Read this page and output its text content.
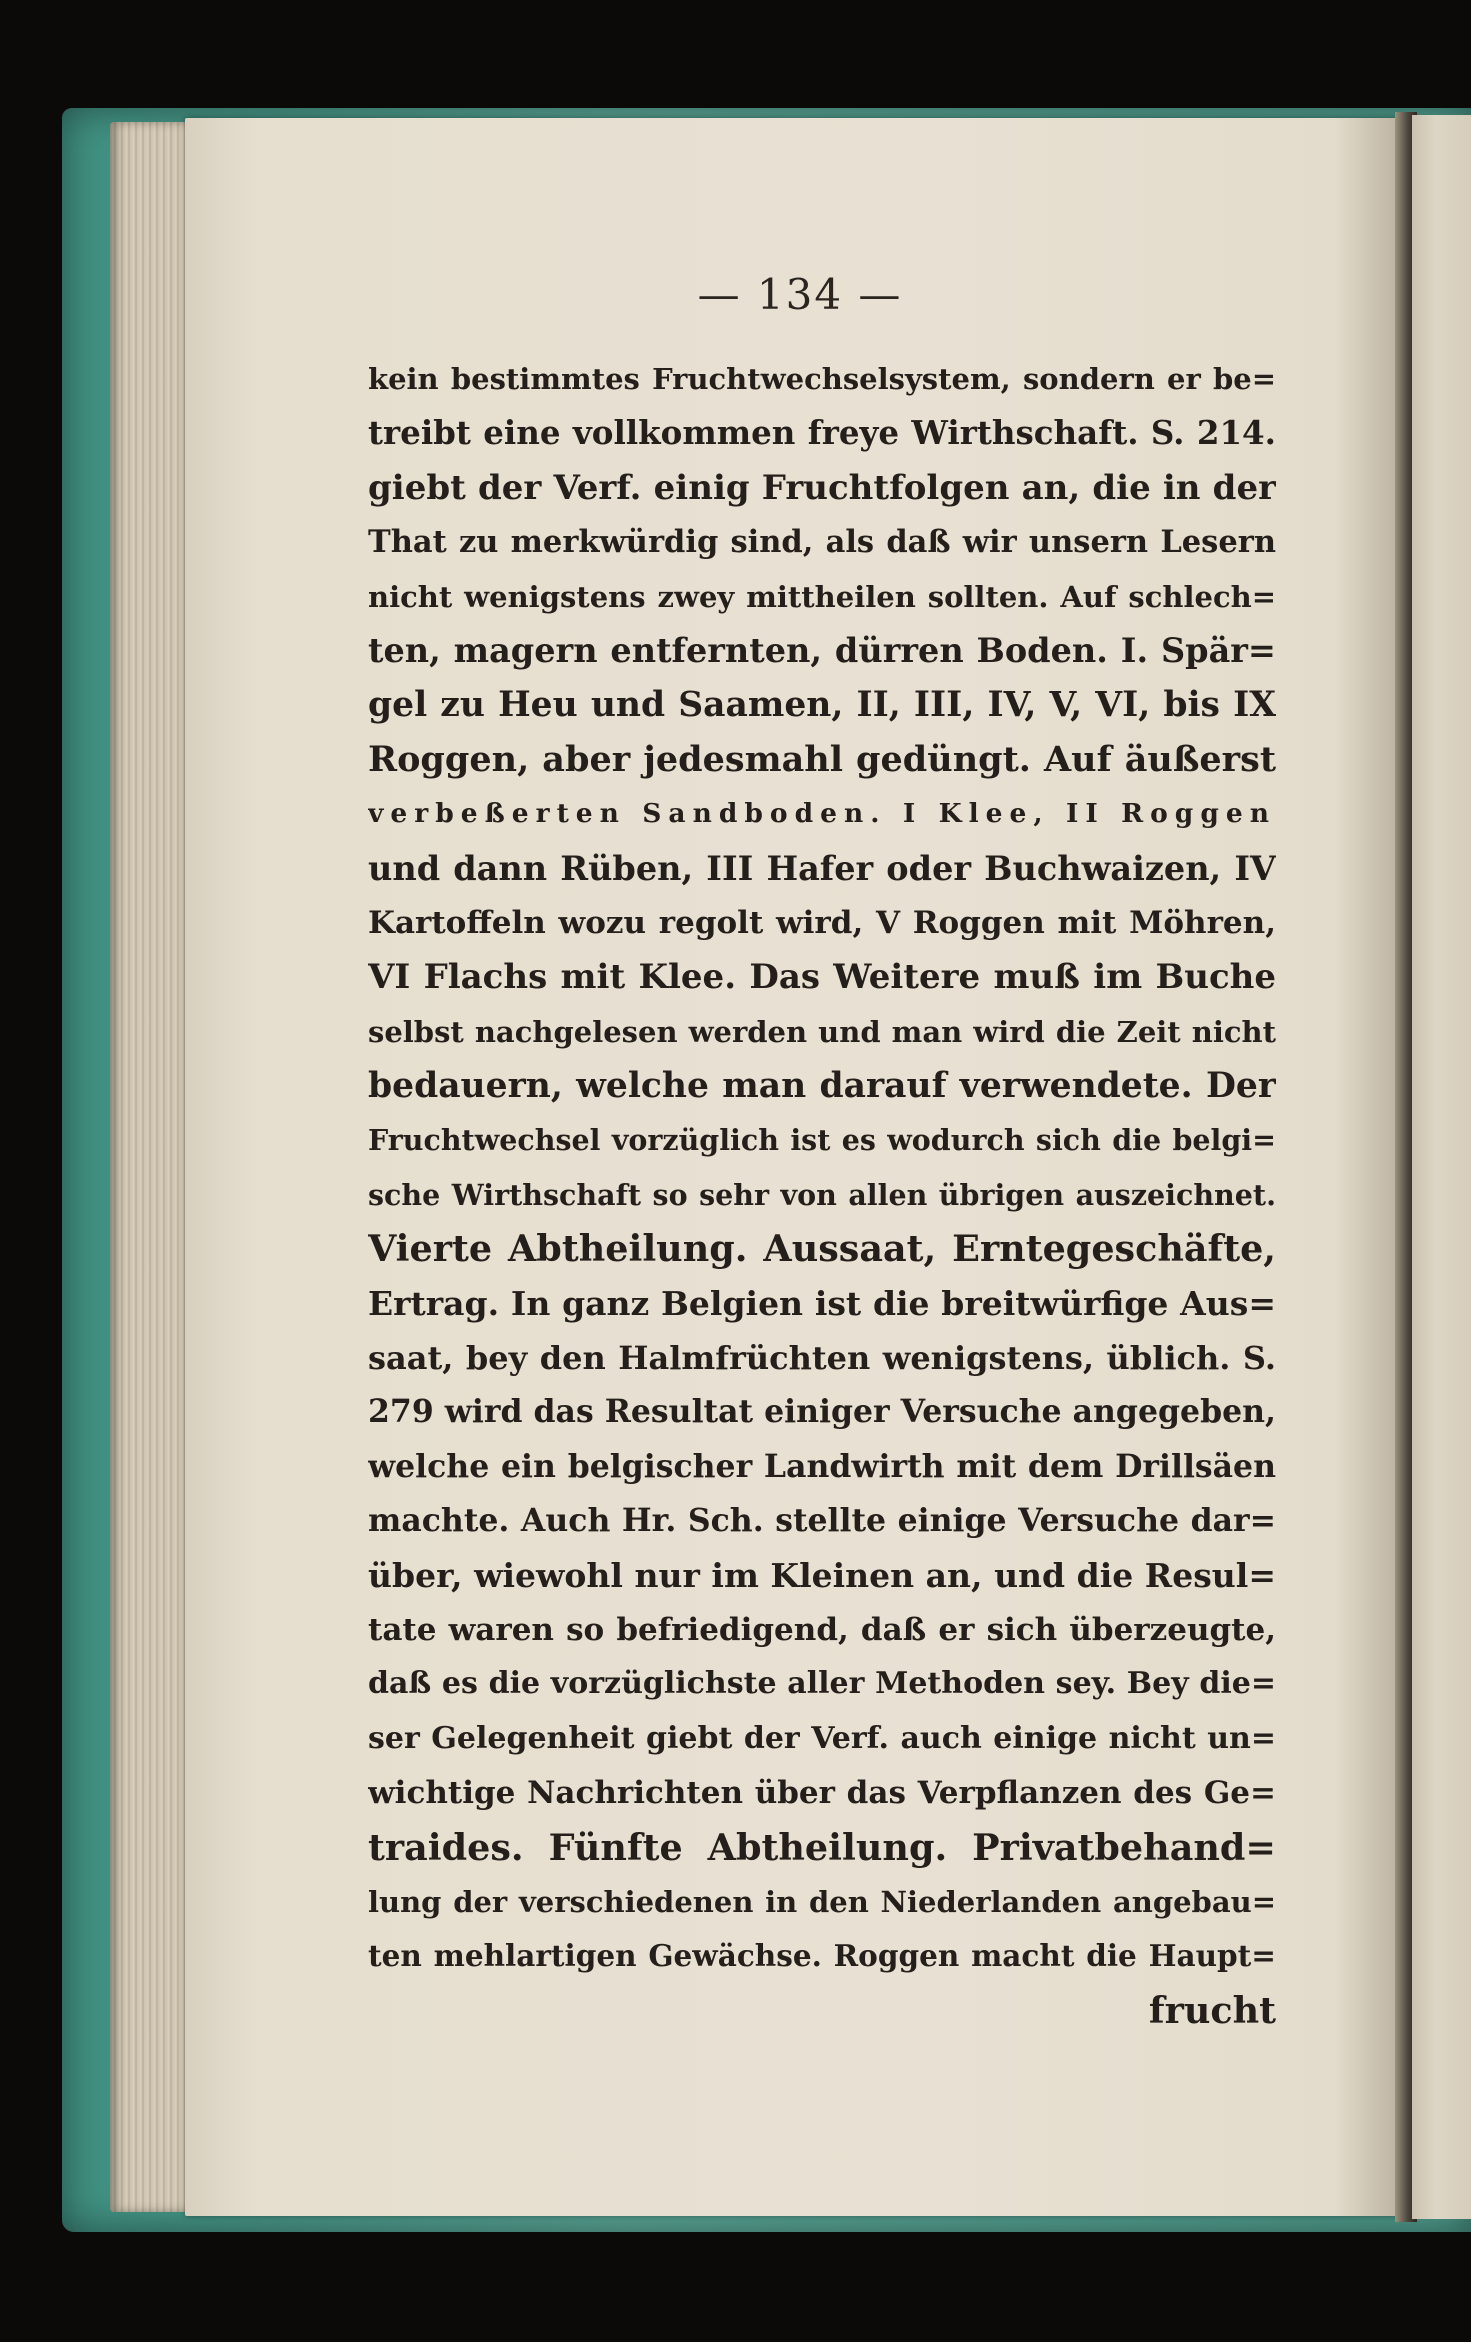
— 134 —
kein bestimmtes Fruchtwechselsystem, sondern er be=
treibt eine vollkommen freye Wirthschaft. S. 214.
giebt der Verf. einig Fruchtfolgen an, die in der
That zu merkwürdig sind, als daß wir unsern Lesern
nicht wenigstens zwey mittheilen sollten. Auf schlech=
ten, magern entfernten, dürren Boden. I. Spär=
gel zu Heu und Saamen, II, III, IV, V, VI, bis IX
Roggen, aber jedesmahl gedüngt. Auf äußerst
verbeßerten Sandboden. I Klee, II Roggen
und dann Rüben, III Hafer oder Buchwaizen, IV
Kartoffeln wozu regolt wird, V Roggen mit Möhren,
VI Flachs mit Klee. Das Weitere muß im Buche
selbst nachgelesen werden und man wird die Zeit nicht
bedauern, welche man darauf verwendete. Der
Fruchtwechsel vorzüglich ist es wodurch sich die belgi=
sche Wirthschaft so sehr von allen übrigen auszeichnet.
Vierte Abtheilung. Aussaat, Erntegeschäfte,
Ertrag. In ganz Belgien ist die breitwürfige Aus=
saat, bey den Halmfrüchten wenigstens, üblich. S.
279 wird das Resultat einiger Versuche angegeben,
welche ein belgischer Landwirth mit dem Drillsäen
machte. Auch Hr. Sch. stellte einige Versuche dar=
über, wiewohl nur im Kleinen an, und die Resul=
tate waren so befriedigend, daß er sich überzeugte,
daß es die vorzüglichste aller Methoden sey. Bey die=
ser Gelegenheit giebt der Verf. auch einige nicht un=
wichtige Nachrichten über das Verpflanzen des Ge=
traides. Fünfte Abtheilung. Privatbehand=
lung der verschiedenen in den Niederlanden angebau=
ten mehlartigen Gewächse. Roggen macht die Haupt=
frucht
